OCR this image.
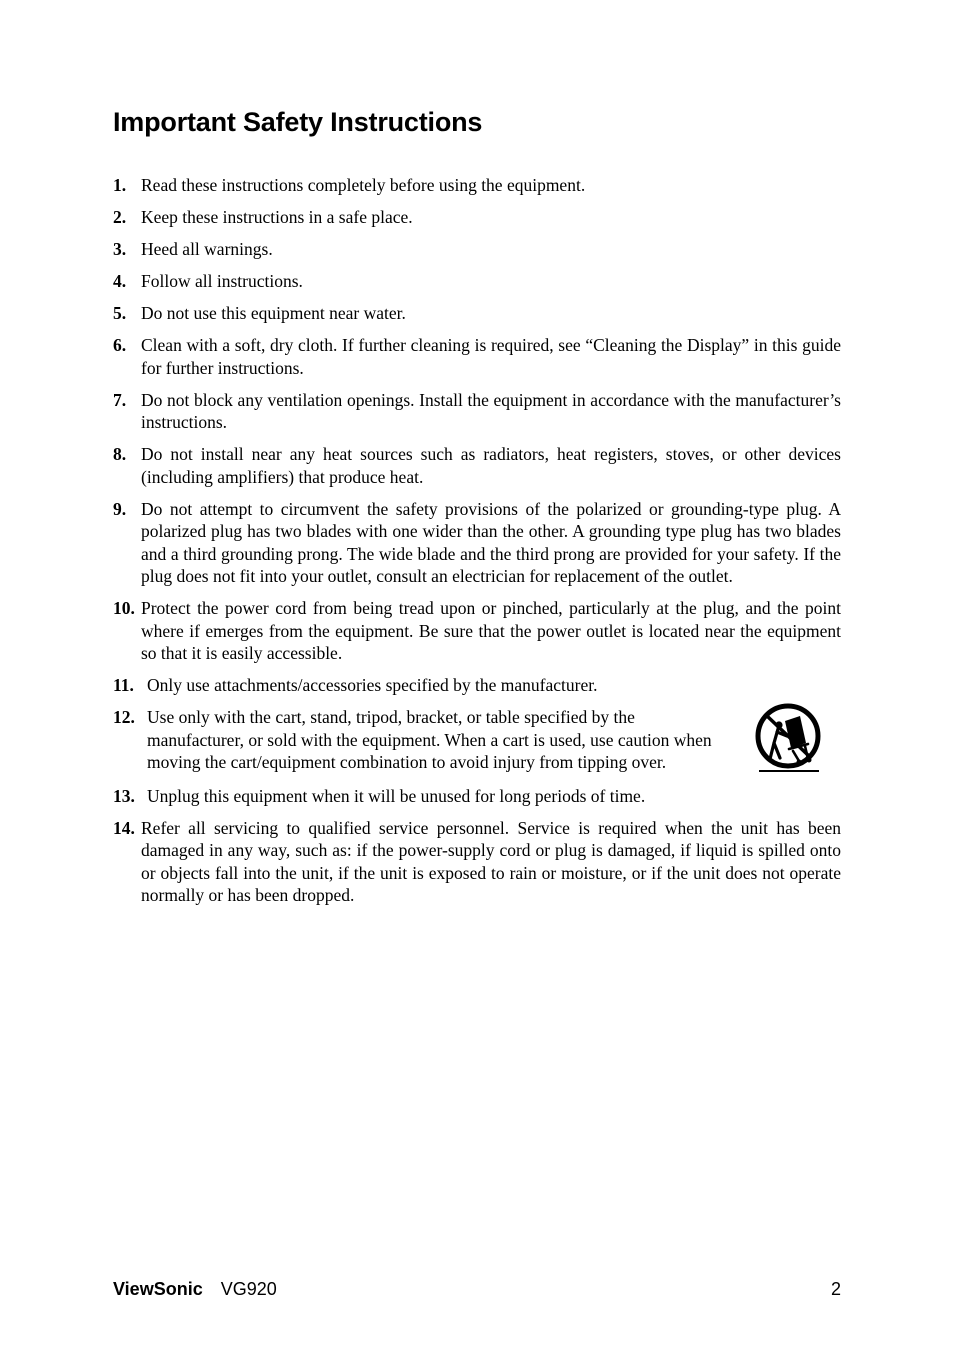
Important Safety Instructions
1. Read these instructions completely before using the equipment.
2. Keep these instructions in a safe place.
3. Heed all warnings.
4. Follow all instructions.
5. Do not use this equipment near water.
6. Clean with a soft, dry cloth. If further cleaning is required, see “Cleaning the Display” in this guide for further instructions.
7. Do not block any ventilation openings. Install the equipment in accordance with the manufacturer’s instructions.
8. Do not install near any heat sources such as radiators, heat registers, stoves, or other devices (including amplifiers) that produce heat.
9. Do not attempt to circumvent the safety provisions of the polarized or grounding-type plug. A polarized plug has two blades with one wider than the other. A grounding type plug has two blades and a third grounding prong. The wide blade and the third prong are provided for your safety. If the plug does not fit into your outlet, consult an electrician for replacement of the outlet.
10. Protect the power cord from being tread upon or pinched, particularly at the plug, and the point where if emerges from the equipment. Be sure that the power outlet is located near the equipment so that it is easily accessible.
11. Only use attachments/accessories specified by the manufacturer.
12. Use only with the cart, stand, tripod, bracket, or table specified by the manufacturer, or sold with the equipment. When a cart is used, use caution when moving the cart/equipment combination to avoid injury from tipping over.
13. Unplug this equipment when it will be unused for long periods of time.
14. Refer all servicing to qualified service personnel. Service is required when the unit has been damaged in any way, such as: if the power-supply cord or plug is damaged, if liquid is spilled onto or objects fall into the unit, if the unit is exposed to rain or moisture, or if the unit does not operate normally or has been dropped.
ViewSonic VG920	2
